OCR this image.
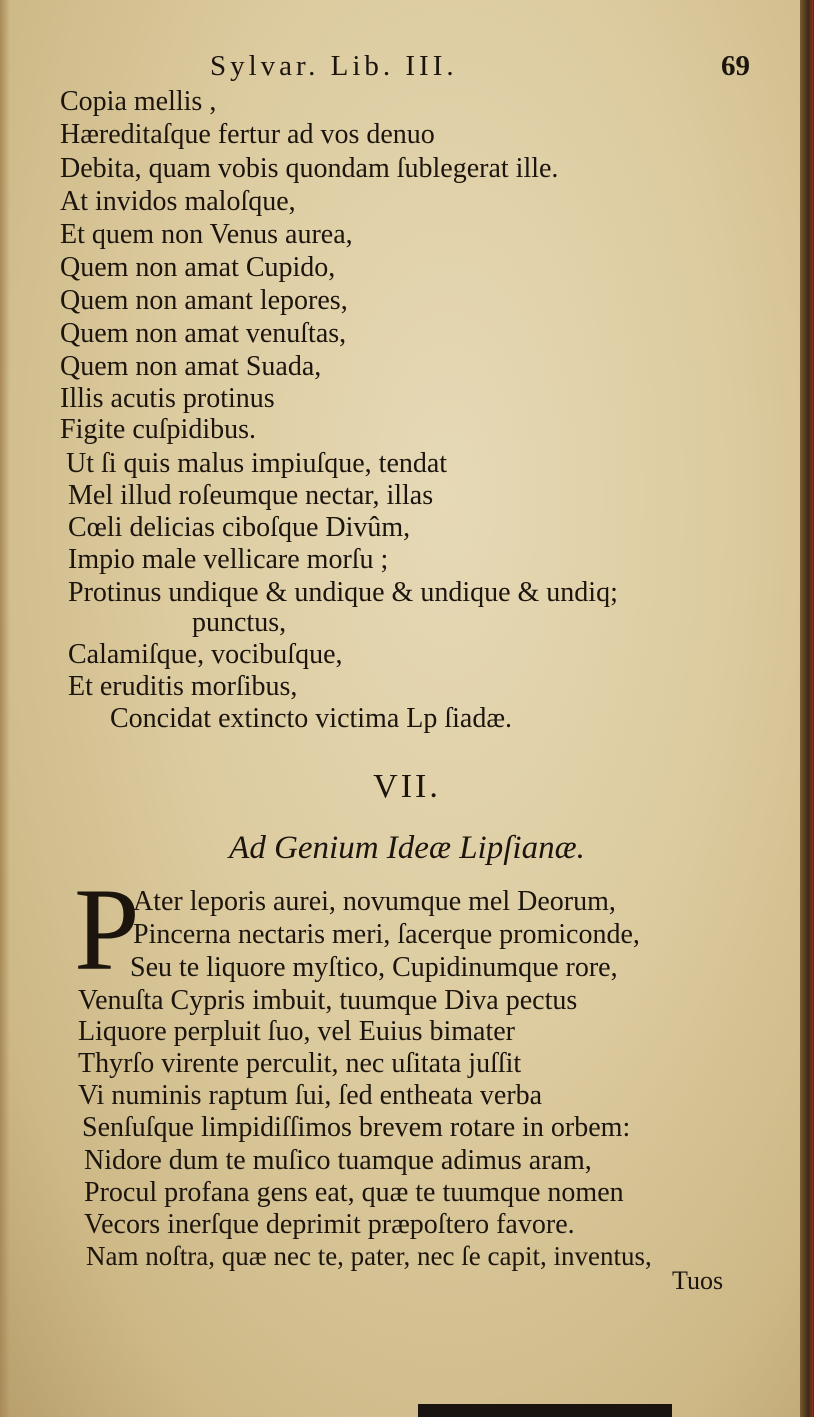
Sylvar. Lib. III.	69
Copia mellis ,
Hæreditaſque fertur ad vos denuo
Debita, quam vobis quondam ſublegerat ille.
At invidos maloſque,
Et quem non Venus aurea,
Quem non amat Cupido,
Quem non amant lepores,
Quem non amat venuſtas,
Quem non amat Suada,
Illis acutis protinus
Figite cuſpidibus.
Ut ſi quis malus impiuſque, tendat
Mel illud roſeumque nectar, illas
Cœli delicias ciboſque Divûm,
Impio male vellicare morſu ;
Protinus undique & undique & undique & undiq;
punctus,
Calamiſque, vocibuſque,
Et eruditis morſibus,
Concidat extincto victima Lp ſiadæ.
VII.
Ad Genium Ideæ Lipſianæ.
P
Ater leporis aurei, novumque mel Deorum,
Pincerna nectaris meri, ſacerque promiconde,
Seu te liquore myſtico, Cupidinumque rore,
Venuſta Cypris imbuit, tuumque Diva pectus
Liquore perpluit ſuo, vel Euius bimater
Thyrſo virente perculit, nec uſitata juſſit
Vi numinis raptum ſui, ſed entheata verba
Senſuſque limpidiſſimos brevem rotare in orbem:
Nidore dum te muſico tuamque adimus aram,
Procul profana gens eat, quæ te tuumque nomen
Vecors inerſque deprimit præpoſtero favore.
Nam noſtra, quæ nec te, pater, nec ſe capit, inventus,
Tuos
